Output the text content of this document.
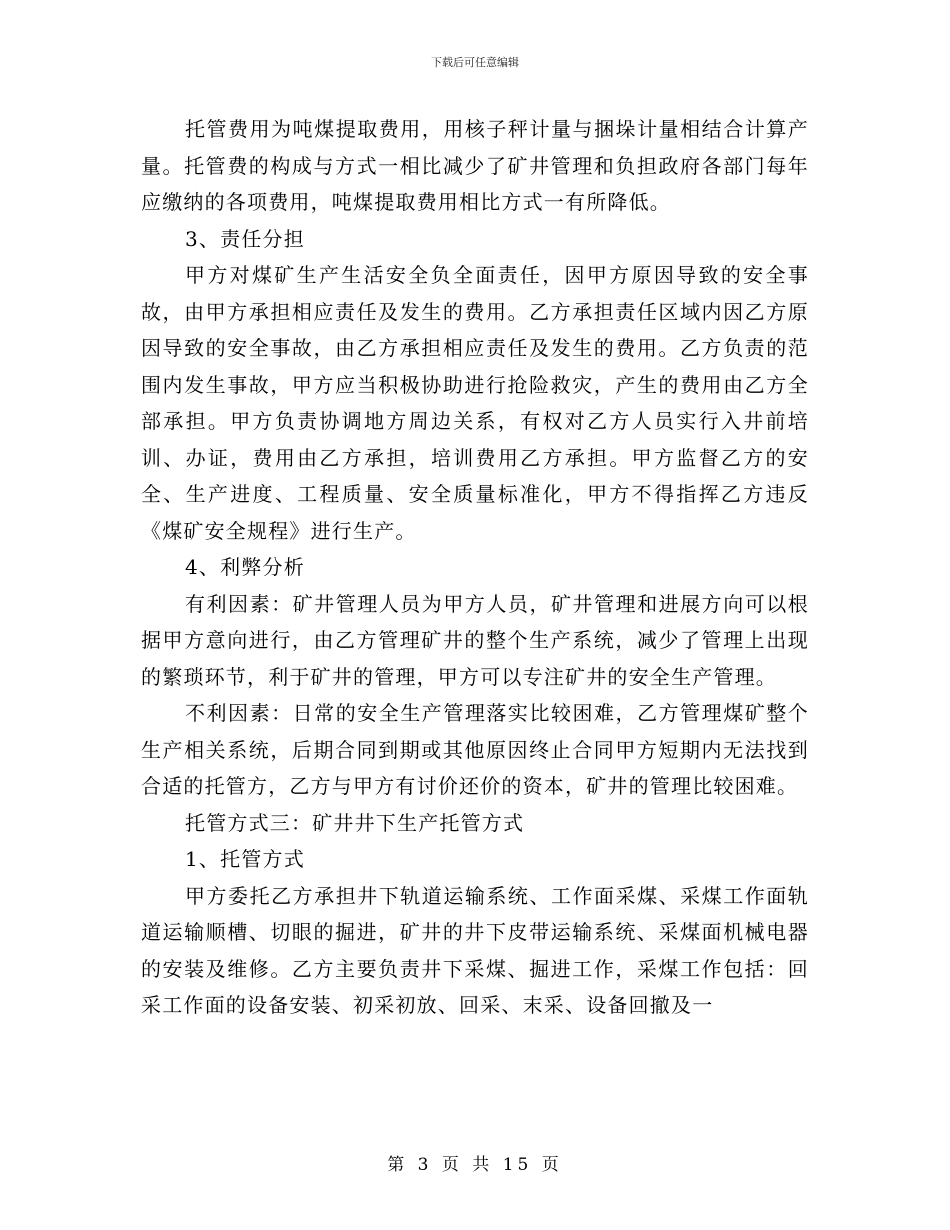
下载后可任意编辑

托管费用为吨煤提取费用，用核子秤计量与捆垛计量相结合计算产量。托管费的构成与方式一相比减少了矿井管理和负担政府各部门每年应缴纳的各项费用，吨煤提取费用相比方式一有所降低。

3、责任分担

甲方对煤矿生产生活安全负全面责任，因甲方原因导致的安全事故，由甲方承担相应责任及发生的费用。乙方承担责任区域内因乙方原因导致的安全事故，由乙方承担相应责任及发生的费用。乙方负责的范围内发生事故，甲方应当积极协助进行抢险救灾，产生的费用由乙方全部承担。甲方负责协调地方周边关系，有权对乙方人员实行入井前培训、办证，费用由乙方承担，培训费用乙方承担。甲方监督乙方的安全、生产进度、工程质量、安全质量标准化，甲方不得指挥乙方违反《煤矿安全规程》进行生产。

4、利弊分析

有利因素：矿井管理人员为甲方人员，矿井管理和进展方向可以根据甲方意向进行，由乙方管理矿井的整个生产系统，减少了管理上出现的繁琐环节，利于矿井的管理，甲方可以专注矿井的安全生产管理。

不利因素：日常的安全生产管理落实比较困难，乙方管理煤矿整个生产相关系统，后期合同到期或其他原因终止合同甲方短期内无法找到合适的托管方，乙方与甲方有讨价还价的资本，矿井的管理比较困难。

托管方式三：矿井井下生产托管方式

1、托管方式

甲方委托乙方承担井下轨道运输系统、工作面采煤、采煤工作面轨道运输顺槽、切眼的掘进，矿井的井下皮带运输系统、采煤面机械电器的安装及维修。乙方主要负责井下采煤、掘进工作，采煤工作包括：回采工作面的设备安装、初采初放、回采、末采、设备回撤及一

第 3 页 共 15 页
